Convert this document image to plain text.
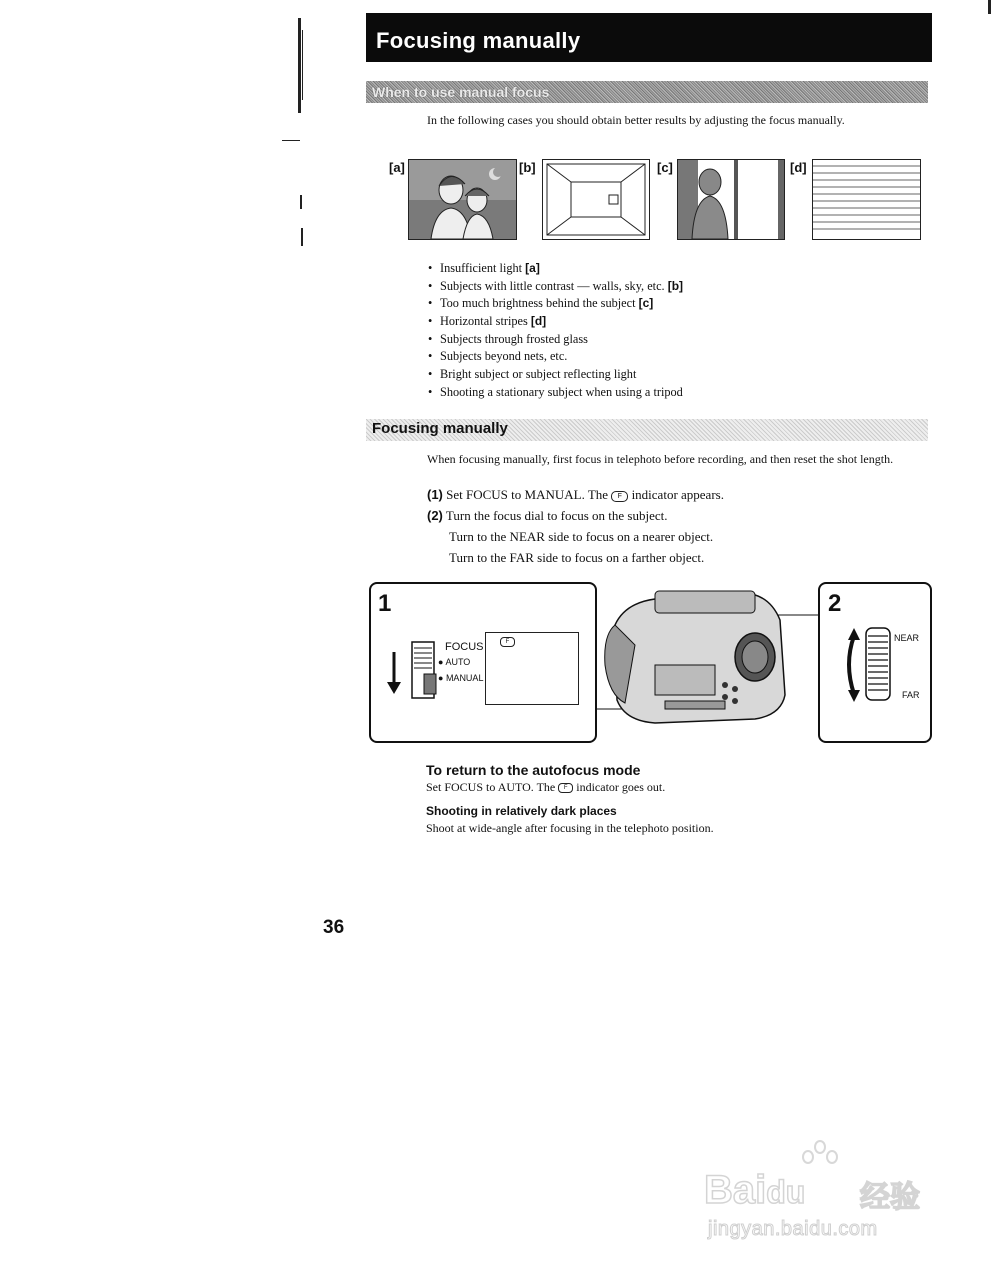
Focusing manually
When to use manual focus
In the following cases you should obtain better results by adjusting the focus manually.
[a]	[b]	[c]	[d]
• Insufficient light [a]
• Subjects with little contrast — walls, sky, etc. [b]
• Too much brightness behind the subject [c]
• Horizontal stripes [d]
• Subjects through frosted glass
• Subjects beyond nets, etc.
• Bright subject or subject reflecting light
• Shooting a stationary subject when using a tripod
Focusing manually
When focusing manually, first focus in telephoto before recording, and then reset the shot length.
(1) Set FOCUS to MANUAL. The F indicator appears.
(2) Turn the focus dial to focus on the subject.
Turn to the NEAR side to focus on a nearer object.
Turn to the FAR side to focus on a farther object.
1
FOCUS
● AUTO
● MANUAL
F
2
NEAR
FAR
To return to the autofocus mode
Set FOCUS to AUTO. The F indicator goes out.
Shooting in relatively dark places
Shoot at wide-angle after focusing in the telephoto position.
36
Baidu 经验
jingyan.baidu.com
